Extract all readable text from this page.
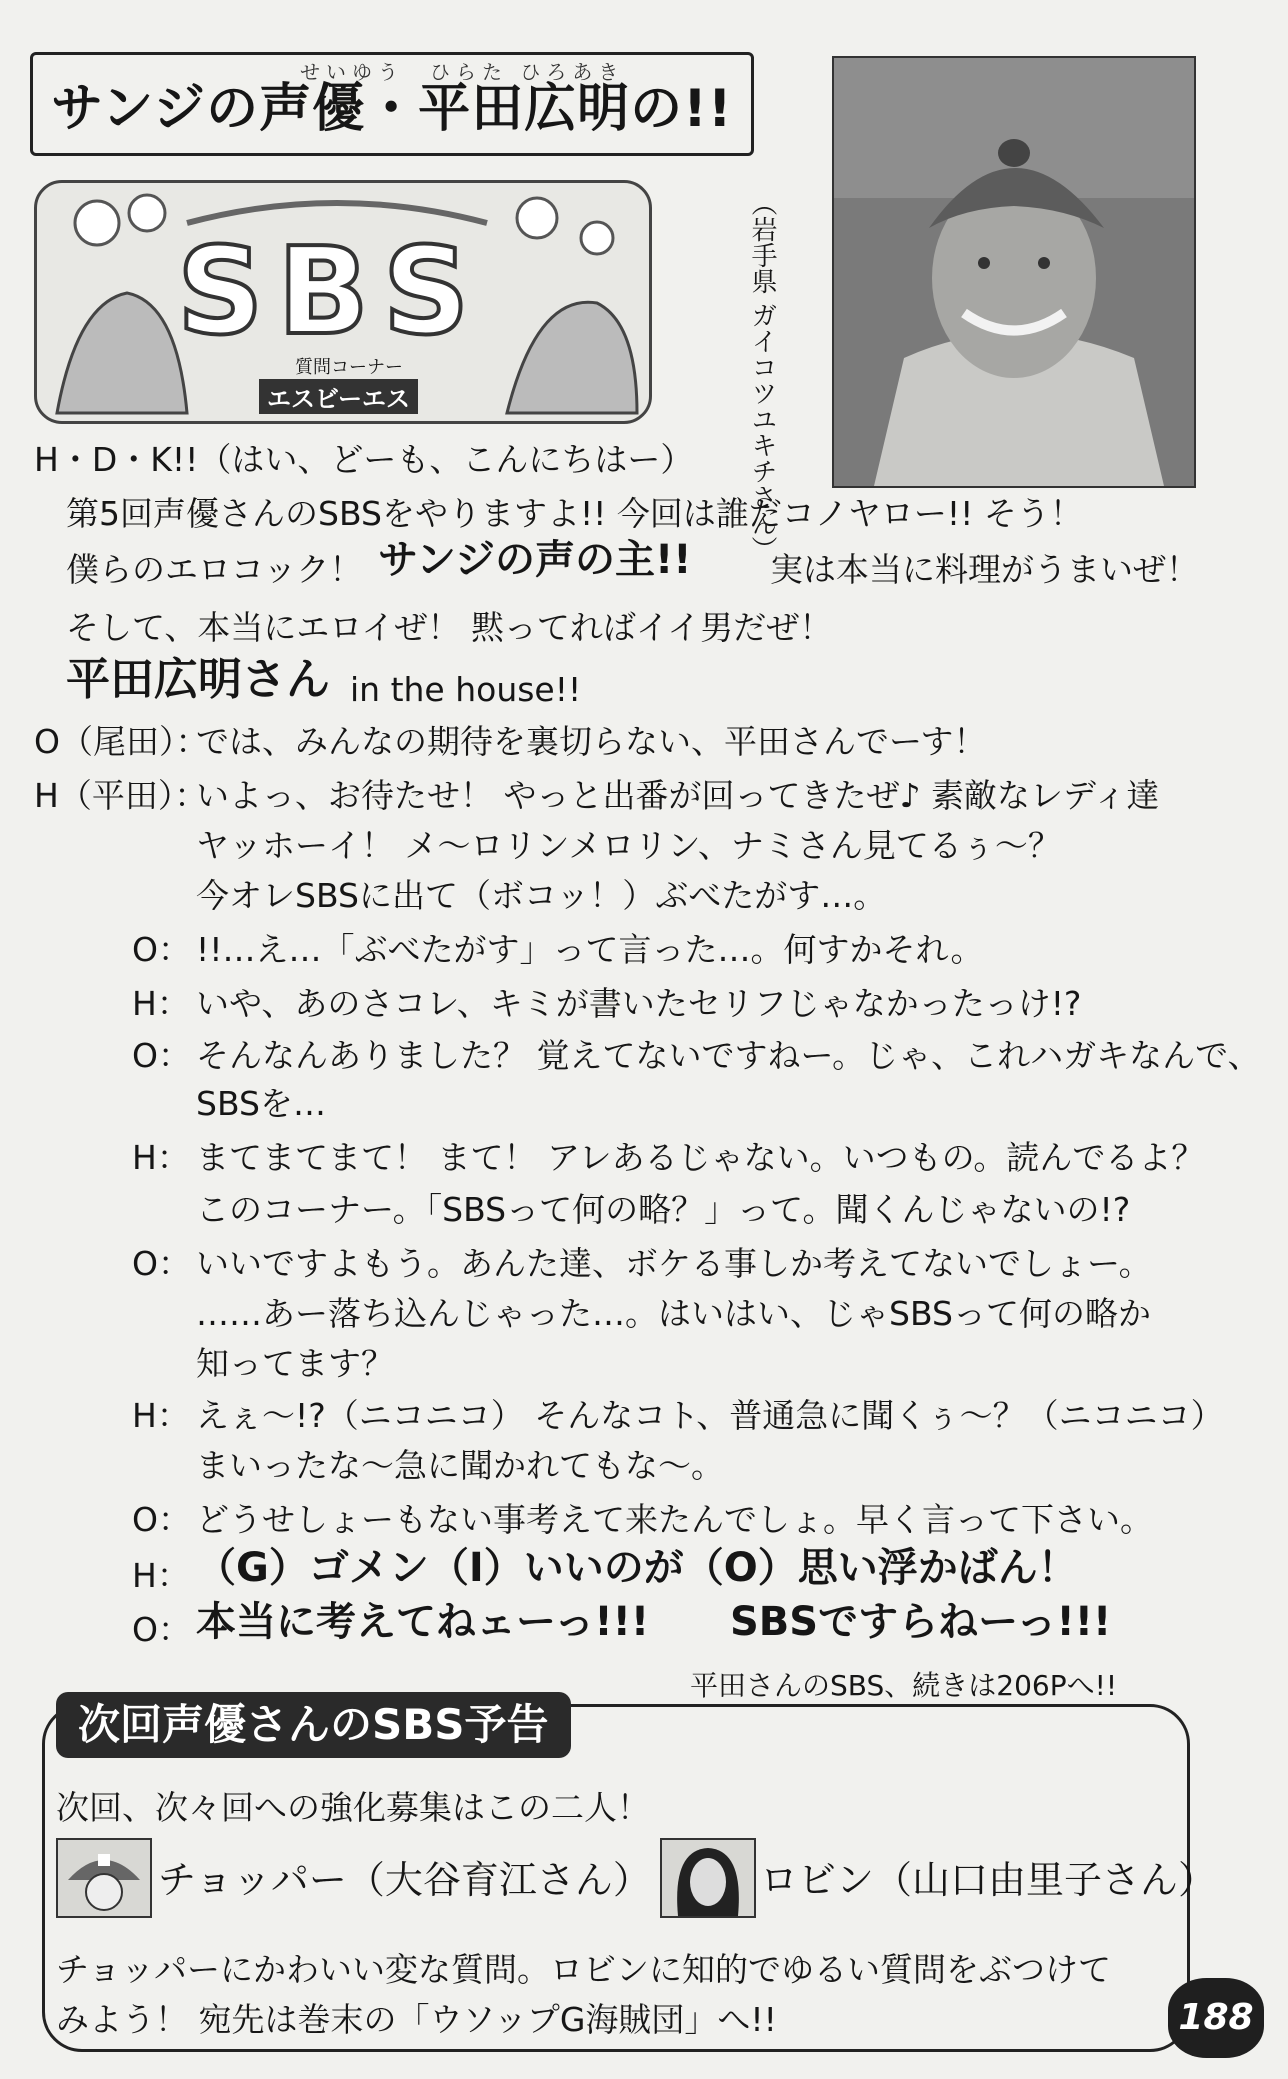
せいゆう　ひらた ひろあき
サンジの声優・平田広明の!!
SBS
質問コーナー
エスビーエス	（岩手県 ガイコツユキチさん）
H・D・K!!（はい、どーも、こんにちはー）
第5回声優さんのSBSをやりますよ!! 今回は誰だコノヤロー!! そう！
僕らのエロコック！ サンジの声の主!! 実は本当に料理がうまいぜ！
そして、本当にエロイぜ！ 黙ってればイイ男だぜ！
平田広明さん in the house!!
O（尾田）：
では、みんなの期待を裏切らない、平田さんでーす！
H（平田）：
いよっ、お待たせ！ やっと出番が回ってきたぜ♪ 素敵なレディ達
ヤッホーイ！ メ〜ロリンメロリン、ナミさん見てるぅ〜？
今オレSBSに出て（ボコッ！）ぶべたがす…。
O： !!…え…「ぶべたがす」って言った…。何すかそれ。
H： いや、あのさコレ、キミが書いたセリフじゃなかったっけ!?
O： そんなんありました？ 覚えてないですねー。じゃ、これハガキなんで、
SBSを…
H： まてまてまて！ まて！ アレあるじゃない。いつもの。読んでるよ？
このコーナー。「SBSって何の略？」って。聞くんじゃないの!?
O： いいですよもう。あんた達、ボケる事しか考えてないでしょー。
……あー落ち込んじゃった…。はいはい、じゃSBSって何の略か
知ってます？
H： えぇ〜!?（ニコニコ） そんなコト、普通急に聞くぅ〜？（ニコニコ）
まいったな〜急に聞かれてもな〜。
O： どうせしょーもない事考えて来たんでしょ。早く言って下さい。
H： （G）ゴメン（I）いいのが（O）思い浮かばん！
O： 本当に考えてねェーっ!!! SBSですらねーっ!!!
平田さんのSBS、続きは206Pへ!!
次回声優さんのSBS予告
次回、次々回への強化募集はこの二人！
チョッパー（大谷育江さん）	ロビン（山口由里子さん）
チョッパーにかわいい変な質問。ロビンに知的でゆるい質問をぶつけて
みよう！ 宛先は巻末の「ウソップG海賊団」へ!!	188
